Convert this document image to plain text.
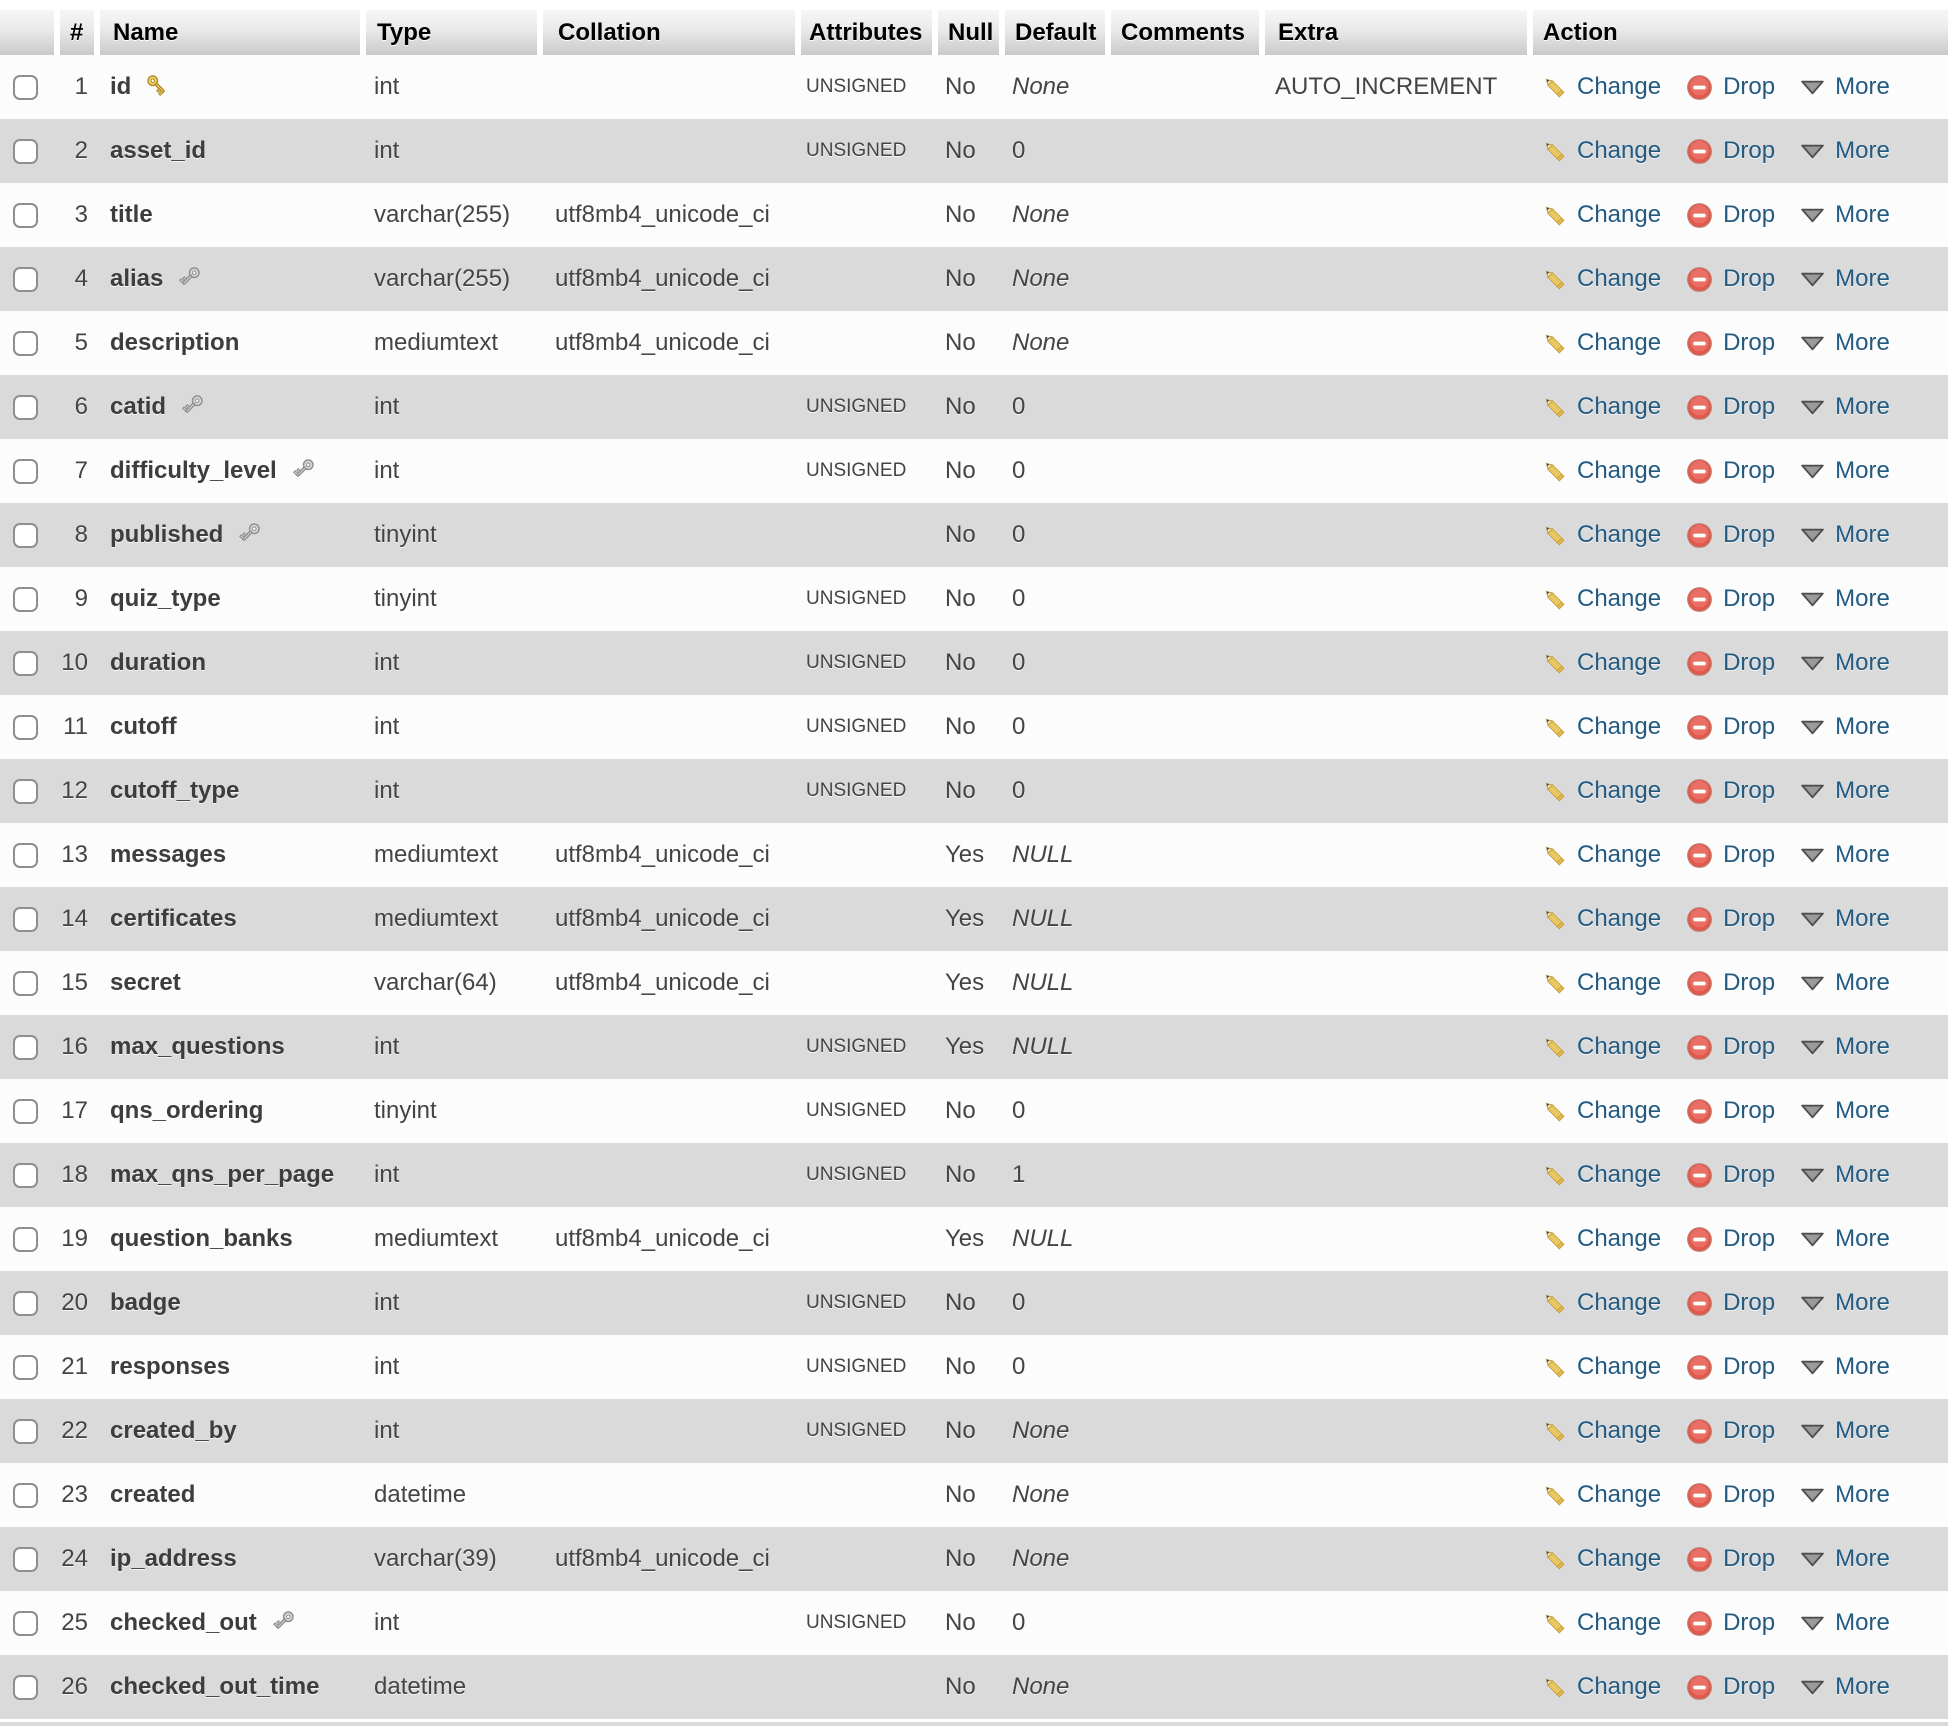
	#	Name	Type	Collation	Attributes	Null	Default	Comments	Extra	Action
	1	id	int		UNSIGNED	No	None		AUTO_INCREMENT	Change Drop More

	2	asset_id	int		UNSIGNED	No	0			Change Drop More

	3	title	varchar(255)	utf8mb4_unicode_ci		No	None			Change Drop More

	4	alias	varchar(255)	utf8mb4_unicode_ci		No	None			Change Drop More

	5	description	mediumtext	utf8mb4_unicode_ci		No	None			Change Drop More

	6	catid	int		UNSIGNED	No	0			Change Drop More

	7	difficulty_level	int		UNSIGNED	No	0			Change Drop More

	8	published	tinyint			No	0			Change Drop More

	9	quiz_type	tinyint		UNSIGNED	No	0			Change Drop More

	10	duration	int		UNSIGNED	No	0			Change Drop More

	11	cutoff	int		UNSIGNED	No	0			Change Drop More

	12	cutoff_type	int		UNSIGNED	No	0			Change Drop More

	13	messages	mediumtext	utf8mb4_unicode_ci		Yes	NULL			Change Drop More

	14	certificates	mediumtext	utf8mb4_unicode_ci		Yes	NULL			Change Drop More

	15	secret	varchar(64)	utf8mb4_unicode_ci		Yes	NULL			Change Drop More

	16	max_questions	int		UNSIGNED	Yes	NULL			Change Drop More

	17	qns_ordering	tinyint		UNSIGNED	No	0			Change Drop More

	18	max_qns_per_page	int		UNSIGNED	No	1			Change Drop More

	19	question_banks	mediumtext	utf8mb4_unicode_ci		Yes	NULL			Change Drop More

	20	badge	int		UNSIGNED	No	0			Change Drop More

	21	responses	int		UNSIGNED	No	0			Change Drop More

	22	created_by	int		UNSIGNED	No	None			Change Drop More

	23	created	datetime			No	None			Change Drop More

	24	ip_address	varchar(39)	utf8mb4_unicode_ci		No	None			Change Drop More

	25	checked_out	int		UNSIGNED	No	0			Change Drop More

	26	checked_out_time	datetime			No	None			Change Drop More
